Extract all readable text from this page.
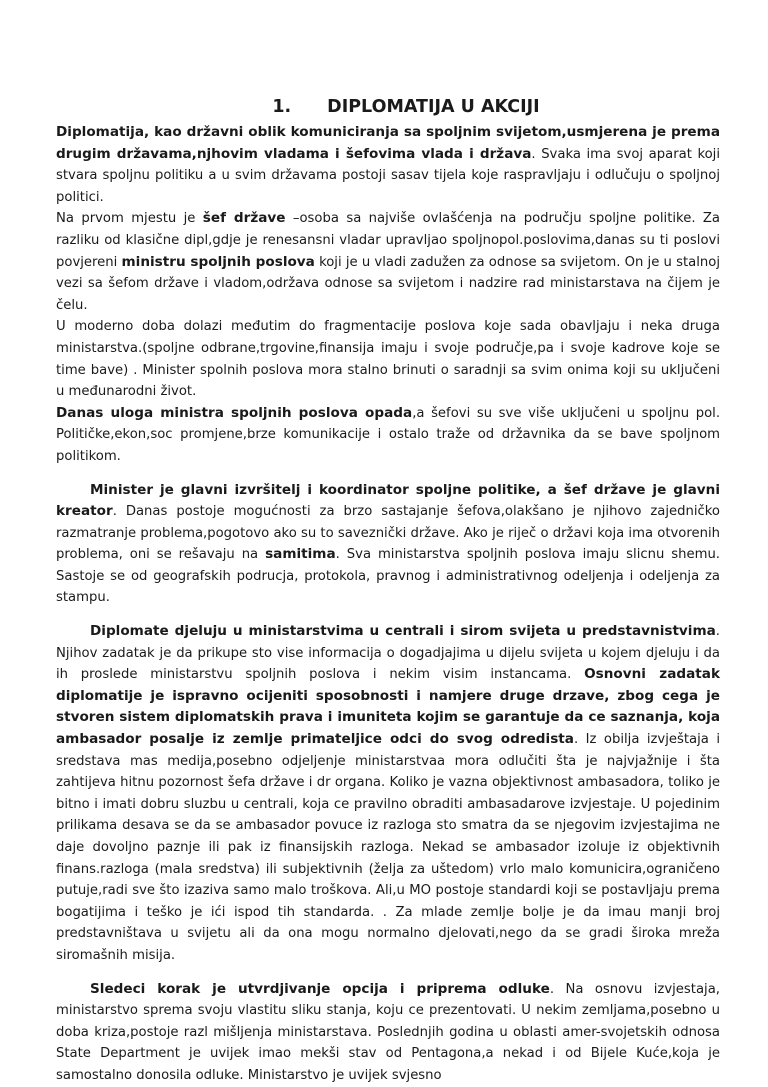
1. DIPLOMATIJA U AKCIJI

Diplomatija, kao državni oblik komuniciranja sa spoljnim svijetom,usmjerena je prema drugim državama,njhovim vladama i šefovima vlada i država. Svaka ima svoj aparat koji stvara spoljnu politiku a u svim državama postoji sasav tijela koje raspravljaju i odlučuju o spoljnoj politici.

Na prvom mjestu je šef države –osoba sa najviše ovlašćenja na području spoljne politike. Za razliku od klasične dipl,gdje je renesansni vladar upravljao spoljnopol.poslovima,danas su ti poslovi povjereni ministru spoljnih poslova koji je u vladi zadužen za odnose sa svijetom. On je u stalnoj vezi sa šefom države i vladom,održava odnose sa svijetom i nadzire rad ministarstava na čijem je čelu.

U moderno doba dolazi međutim do fragmentacije poslova koje sada obavljaju i neka druga ministarstva.(spoljne odbrane,trgovine,finansija imaju i svoje područje,pa i svoje kadrove koje se time bave) . Minister spolnih poslova mora stalno brinuti o saradnji sa svim onima koji su uključeni u međunarodni život.

Danas uloga ministra spoljnih poslova opada,a šefovi su sve više uključeni u spoljnu pol. Političke,ekon,soc promjene,brze komunikacije i ostalo traže od državnika da se bave spoljnom politikom.

Minister je glavni izvršitelj i koordinator spoljne politike, a šef države je glavni kreator. Danas postoje mogućnosti za brzo sastajanje šefova,olakšano je njihovo zajedničko razmatranje problema,pogotovo ako su to saveznički države. Ako je riječ o državi koja ima otvorenih problema, oni se rešavaju na samitima. Sva ministarstva spoljnih poslova imaju slicnu shemu. Sastoje se od geografskih podrucja, protokola, pravnog i administrativnog odeljenja i odeljenja za stampu.

Diplomate djeluju u ministarstvima u centrali i sirom svijeta u predstavnistvima. Njihov zadatak je da prikupe sto vise informacija o dogadjajima u dijelu svijeta u kojem djeluju i da ih proslede ministarstvu spoljnih poslova i nekim visim instancama. Osnovni zadatak diplomatije je ispravno ocijeniti sposobnosti i namjere druge drzave, zbog cega je stvoren sistem diplomatskih prava i imuniteta kojim se garantuje da ce saznanja, koja ambasador posalje iz zemlje primateljice odci do svog odredista. Iz obilja izvještaja i sredstava mas medija,posebno odjeljenje ministarstvaa mora odlučiti šta je najvjažnije i šta zahtijeva hitnu pozornost šefa države i dr organa. Koliko je vazna objektivnost ambasadora, toliko je bitno i imati dobru sluzbu u centrali, koja ce pravilno obraditi ambasadarove izvjestaje. U pojedinim prilikama desava se da se ambasador povuce iz razloga sto smatra da se njegovim izvjestajima ne daje dovoljno paznje ili pak iz finansijskih razloga. Nekad se ambasador izoluje iz objektivnih finans.razloga (mala sredstva) ili subjektivnih (želja za uštedom) vrlo malo komunicira,ograničeno putuje,radi sve što izaziva samo malo troškova. Ali,u MO postoje standardi koji se postavljaju prema bogatijima i teško je ići ispod tih standarda. . Za mlade zemlje bolje je da imau manji broj predstavništava u svijetu ali da ona mogu normalno djelovati,nego da se gradi široka mreža siromašnih misija.

Sledeci korak je utvrdjivanje opcija i priprema odluke. Na osnovu izvjestaja, ministarstvo sprema svoju vlastitu sliku stanja, koju ce prezentovati. U nekim zemljama,posebno u doba kriza,postoje razl mišljenja ministarstava. Poslednjih godina u oblasti amer-svojetskih odnosa State Department je uvijek imao mekši stav od Pentagona,a nekad i od Bijele Kuće,koja je samostalno donosila odluke. Ministarstvo je uvijek svjesno
